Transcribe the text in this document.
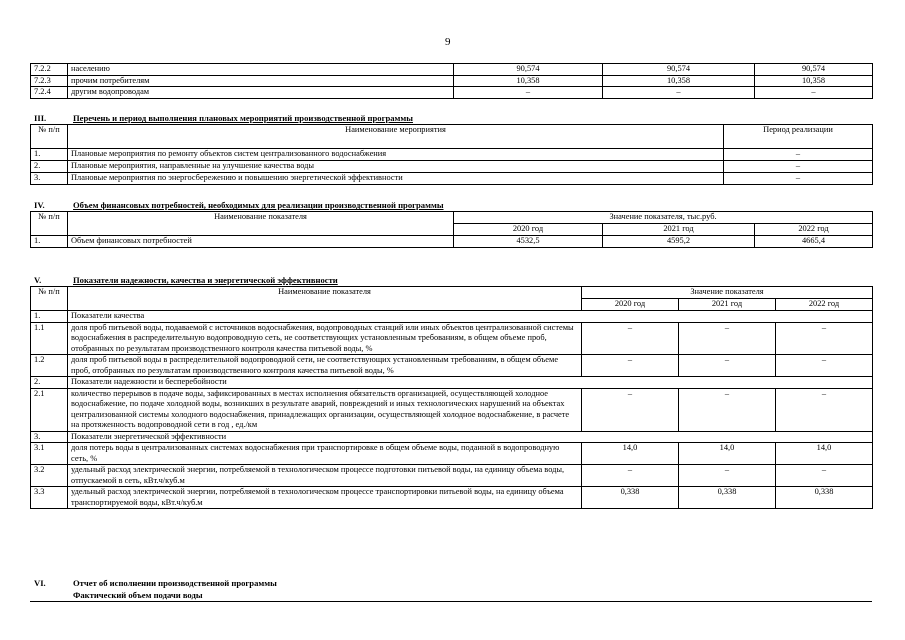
9
7.2.2	населению	90,574	90,574	90,574
7.2.3	прочим потребителям	10,358	10,358	10,358
7.2.4	другим водопроводам	–	–	–
III.	Перечень и период выполнения плановых мероприятий производственной программы
№ п/п	Наименование мероприятия	Период реализации
1.	Плановые мероприятия по ремонту объектов систем централизованного водоснабжения	–
2.	Плановые мероприятия, направленные на улучшение качества воды	–
3.	Плановые мероприятия по энергосбережению и повышению энергетической эффективности	–
IV.	Объем финансовых потребностей, необходимых для реализации производственной программы
№ п/п	Наименование показателя	Значение показателя, тыс.руб.		
		2020 год	2021 год	2022 год
1.	Объем финансовых потребностей	4532,5	4595,2	4665,4
V.	Показатели надежности, качества и энергетической эффективности
№ п/п	Наименование показателя	Значение показателя		
		2020 год	2021 год	2022 год
1.	Показатели качества			
1.1	доля проб питьевой воды, подаваемой с источников водоснабжения, водопроводных станций или иных объектов централизованной системы водоснабжения в распределительную водопроводную сеть, не соответствующих установленным требованиям, в общем объеме проб, отобранных по результатам производственного контроля качества питьевой воды, %	–	–	–
1.2	доля проб питьевой воды в распределительной водопроводной сети, не соответствующих установленным требованиям, в общем объеме проб, отобранных по результатам производственного контроля качества питьевой воды, %	–	–	–
2.	Показатели надежности и бесперебойности			
2.1	количество перерывов в подаче воды, зафиксированных в местах исполнения обязательств организацией, осуществляющей холодное водоснабжение, по подаче холодной воды, возникших в результате аварий, повреждений и иных технологических нарушений на объектах централизованной системы холодного водоснабжения, принадлежащих организации, осуществляющей холодное водоснабжение, в расчете на протяженность водопроводной сети в год , ед./км	–	–	–
3.	Показатели энергетической эффективности			
3.1	доля потерь воды в централизованных системах водоснабжения при транспортировке в общем объеме воды, поданной в водопроводную сеть, %	14,0	14,0	14,0
3.2	удельный расход электрической энергии, потребляемой в технологическом процессе подготовки питьевой воды, на единицу объема воды, отпускаемой в сеть, кВт.ч/куб.м	–	–	–
3.3	удельный расход электрической энергии, потребляемой в технологическом процессе транспортировки питьевой воды, на единицу объема транспортируемой воды, кВт.ч/куб.м	0,338	0,338	0,338
VI.	Отчет об исполнении производственной программы
Фактический объем подачи воды
